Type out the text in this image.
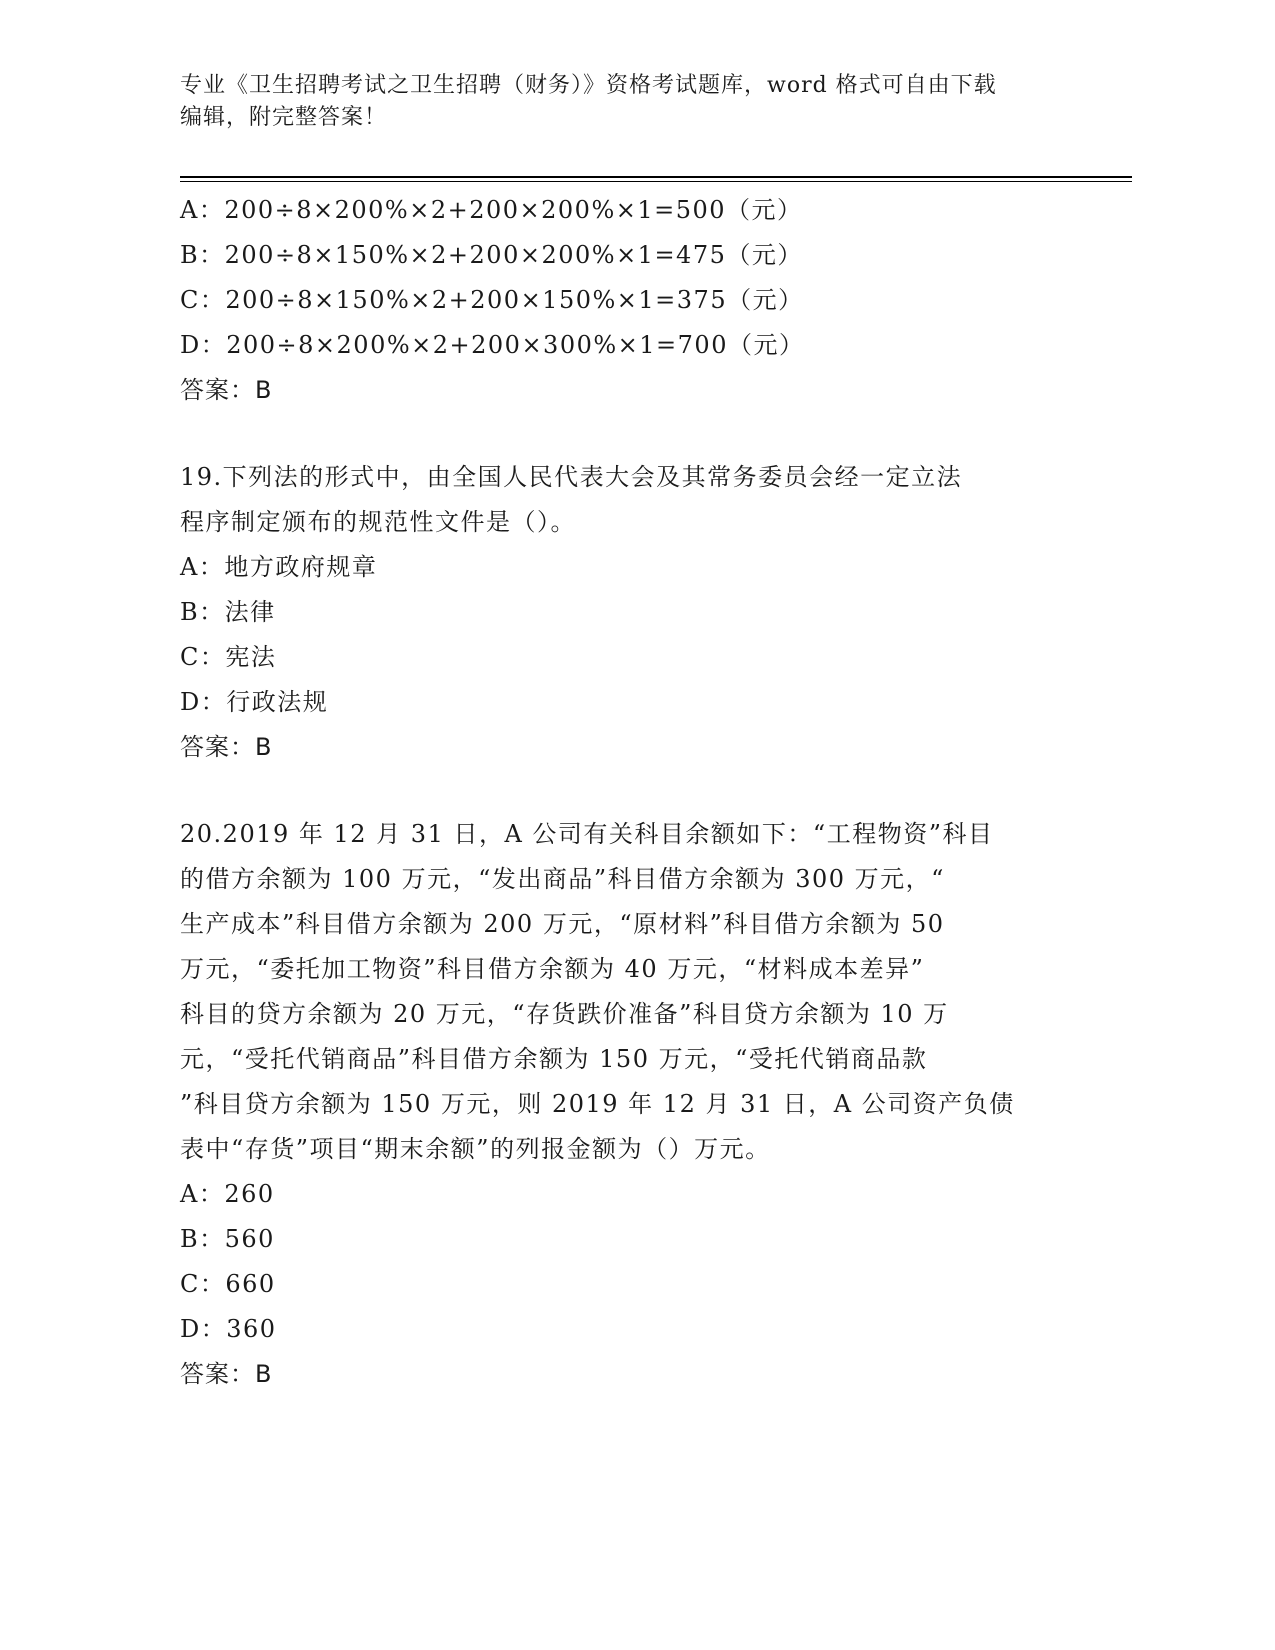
专业《卫生招聘考试之卫生招聘（财务）》资格考试题库，word 格式可自由下载
编辑，附完整答案！
A：200÷8×200%×2+200×200%×1=500（元）
B：200÷8×150%×2+200×200%×1=475（元）
C：200÷8×150%×2+200×150%×1=375（元）
D：200÷8×200%×2+200×300%×1=700（元）
答案：B
19.下列法的形式中，由全国人民代表大会及其常务委员会经一定立法
程序制定颁布的规范性文件是（）。
A：地方政府规章
B：法律
C：宪法
D：行政法规
答案：B
20.2019 年 12 月 31 日，A 公司有关科目余额如下：“工程物资”科目
的借方余额为 100 万元，“发出商品”科目借方余额为 300 万元，“
生产成本”科目借方余额为 200 万元，“原材料”科目借方余额为 50
万元，“委托加工物资”科目借方余额为 40 万元，“材料成本差异”
科目的贷方余额为 20 万元，“存货跌价准备”科目贷方余额为 10 万
元，“受托代销商品”科目借方余额为 150 万元，“受托代销商品款
”科目贷方余额为 150 万元，则 2019 年 12 月 31 日，A 公司资产负债
表中“存货”项目“期末余额”的列报金额为（）万元。
A：260
B：560
C：660
D：360
答案：B
